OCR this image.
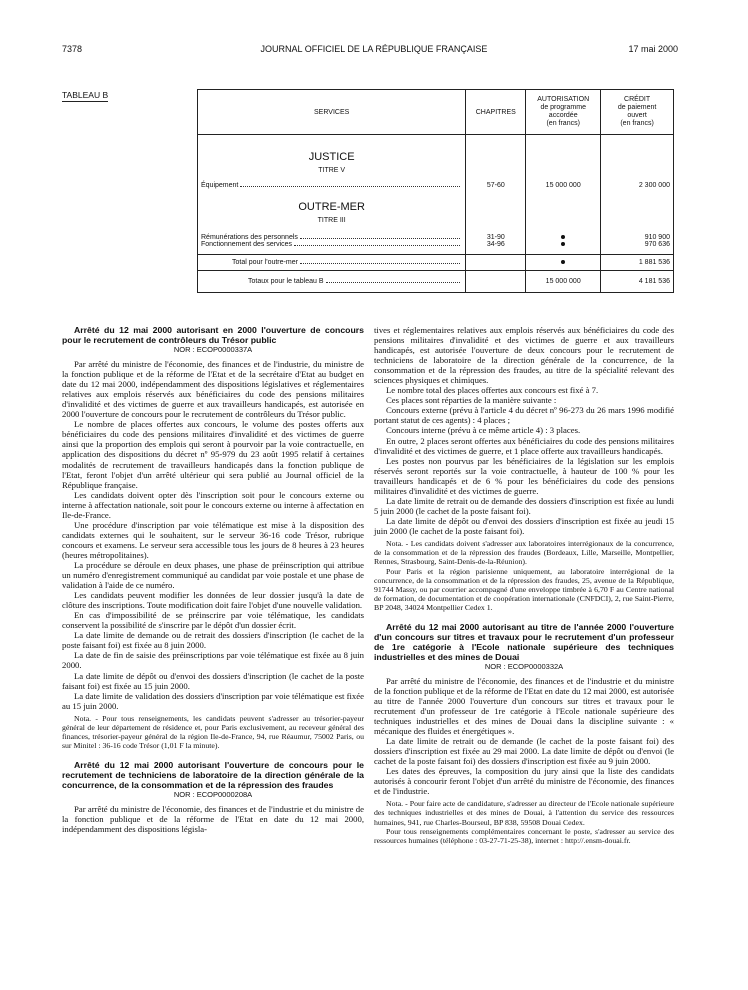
7378	JOURNAL OFFICIEL DE LA RÉPUBLIQUE FRANÇAISE	17 mai 2000
TABLEAU B
SERVICES	CHAPITRES	AUTORISATION
de programme
accordée
(en francs)	CRÉDIT
de paiement
ouvert
(en francs)
JUSTICE			
TITRE V			

Équipement	57-60	15 000 000	2 300 000
OUTRE-MER			
TITRE III			

Rémunérations des personnels	31-90		910 900

Fonctionnement des services	34-96		970 636

Total pour l'outre-mer			1 881 536

Totaux pour le tableau B		15 000 000	4 181 536
Arrêté du 12 mai 2000 autorisant en 2000 l'ouverture de concours pour le recrutement de contrôleurs du Trésor public
NOR : ECOP0000337A

Par arrêté du ministre de l'économie, des finances et de l'industrie, du ministre de la fonction publique et de la réforme de l'Etat et de la secrétaire d'Etat au budget en date du 12 mai 2000, indépendamment des dispositions législatives et réglementaires relatives aux emplois réservés aux bénéficiaires du code des pensions militaires d'invalidité et des victimes de guerre et aux travailleurs handicapés, est autorisée en 2000 l'ouverture de concours pour le recrutement de contrôleurs du Trésor public.

Le nombre de places offertes aux concours, le volume des postes offerts aux bénéficiaires du code des pensions militaires d'invalidité et des victimes de guerre ainsi que la proportion des emplois qui seront à pourvoir par la voie contractuelle, en application des dispositions du décret nº 95-979 du 23 août 1995 relatif à certaines modalités de recrutement de travailleurs handicapés dans la fonction publique de l'Etat, feront l'objet d'un arrêté ultérieur qui sera publié au Journal officiel de la République française.

Les candidats doivent opter dès l'inscription soit pour le concours externe ou interne à affectation nationale, soit pour le concours externe ou interne à affectation en Ile-de-France.

Une procédure d'inscription par voie télématique est mise à la disposition des candidats externes qui le souhaitent, sur le serveur 36-16 code Trésor, rubrique concours et examens. Le serveur sera accessible tous les jours de 8 heures à 23 heures (heures métropolitaines).

La procédure se déroule en deux phases, une phase de préinscription qui attribue un numéro d'enregistrement communiqué au candidat par voie postale et une phase de validation à l'aide de ce numéro.

Les candidats peuvent modifier les données de leur dossier jusqu'à la date de clôture des inscriptions. Toute modification doit faire l'objet d'une nouvelle validation.

En cas d'impossibilité de se préinscrire par voie télématique, les candidats conservent la possibilité de s'inscrire par le dépôt d'un dossier écrit.

La date limite de demande ou de retrait des dossiers d'inscription (le cachet de la poste faisant foi) est fixée au 8 juin 2000.

La date de fin de saisie des préinscriptions par voie télématique est fixée au 8 juin 2000.

La date limite de dépôt ou d'envoi des dossiers d'inscription (le cachet de la poste faisant foi) est fixée au 15 juin 2000.

La date limite de validation des dossiers d'inscription par voie télématique est fixée au 15 juin 2000.

Nota. - Pour tous renseignements, les candidats peuvent s'adresser au trésorier-payeur général de leur département de résidence et, pour Paris exclusivement, au receveur général des finances, trésorier-payeur général de la région Ile-de-France, 94, rue Réaumur, 75002 Paris, ou sur Minitel : 36-16 code Trésor (1,01 F la minute).

Arrêté du 12 mai 2000 autorisant l'ouverture de concours pour le recrutement de techniciens de laboratoire de la direction générale de la concurrence, de la consommation et de la répression des fraudes
NOR : ECOP0000208A

Par arrêté du ministre de l'économie, des finances et de l'industrie et du ministre de la fonction publique et de la réforme de l'Etat en date du 12 mai 2000, indépendamment des dispositions législa-

tives et réglementaires relatives aux emplois réservés aux bénéficiaires du code des pensions militaires d'invalidité et des victimes de guerre et aux travailleurs handicapés, est autorisée l'ouverture de deux concours pour le recrutement de techniciens de laboratoire de la direction générale de la concurrence, de la consommation et de la répression des fraudes, au titre de la spécialité relevant des sciences physiques et chimiques.

Le nombre total des places offertes aux concours est fixé à 7.

Ces places sont réparties de la manière suivante :

Concours externe (prévu à l'article 4 du décret nº 96-273 du 26 mars 1996 modifié portant statut de ces agents) : 4 places ;

Concours interne (prévu à ce même article 4) : 3 places.

En outre, 2 places seront offertes aux bénéficiaires du code des pensions militaires d'invalidité et des victimes de guerre, et 1 place offerte aux travailleurs handicapés.

Les postes non pourvus par les bénéficiaires de la législation sur les emplois réservés seront reportés sur la voie contractuelle, à hauteur de 100 % pour les travailleurs handicapés et de 6 % pour les bénéficiaires du code des pensions militaires d'invalidité et des victimes de guerre.

La date limite de retrait ou de demande des dossiers d'inscription est fixée au lundi 5 juin 2000 (le cachet de la poste faisant foi).

La date limite de dépôt ou d'envoi des dossiers d'inscription est fixée au jeudi 15 juin 2000 (le cachet de la poste faisant foi).

Nota. - Les candidats doivent s'adresser aux laboratoires interrégionaux de la concurrence, de la consommation et de la répression des fraudes (Bordeaux, Lille, Marseille, Montpellier, Rennes, Strasbourg, Saint-Denis-de-la-Réunion).

Pour Paris et la région parisienne uniquement, au laboratoire interrégional de la concurrence, de la consommation et de la répression des fraudes, 25, avenue de la République, 91744 Massy, ou par courrier accompagné d'une enveloppe timbrée à 6,70 F au Centre national de formation, de documentation et de coopération internationale (CNFDCI), 2, rue Saint-Pierre, BP 2048, 34024 Montpellier Cedex 1.

Arrêté du 12 mai 2000 autorisant au titre de l'année 2000 l'ouverture d'un concours sur titres et travaux pour le recrutement d'un professeur de 1re catégorie à l'Ecole nationale supérieure des techniques industrielles et des mines de Douai
NOR : ECOP0000332A

Par arrêté du ministre de l'économie, des finances et de l'industrie et du ministre de la fonction publique et de la réforme de l'Etat en date du 12 mai 2000, est autorisée au titre de l'année 2000 l'ouverture d'un concours sur titres et travaux pour le recrutement d'un professeur de 1re catégorie à l'Ecole nationale supérieure des techniques industrielles et des mines de Douai dans la discipline suivante : « mécanique des fluides et énergétiques ».

La date limite de retrait ou de demande (le cachet de la poste faisant foi) des dossiers d'inscription est fixée au 29 mai 2000. La date limite de dépôt ou d'envoi (le cachet de la poste faisant foi) des dossiers d'inscription est fixée au 9 juin 2000.

Les dates des épreuves, la composition du jury ainsi que la liste des candidats autorisés à concourir feront l'objet d'un arrêté du ministre de l'économie, des finances et de l'industrie.

Nota. - Pour faire acte de candidature, s'adresser au directeur de l'Ecole nationale supérieure des techniques industrielles et des mines de Douai, à l'attention du service des ressources humaines, 941, rue Charles-Bourseul, BP 838, 59508 Douai Cedex.

Pour tous renseignements complémentaires concernant le poste, s'adresser au service des ressources humaines (téléphone : 03-27-71-25-38), internet : http://.ensm-douai.fr.
